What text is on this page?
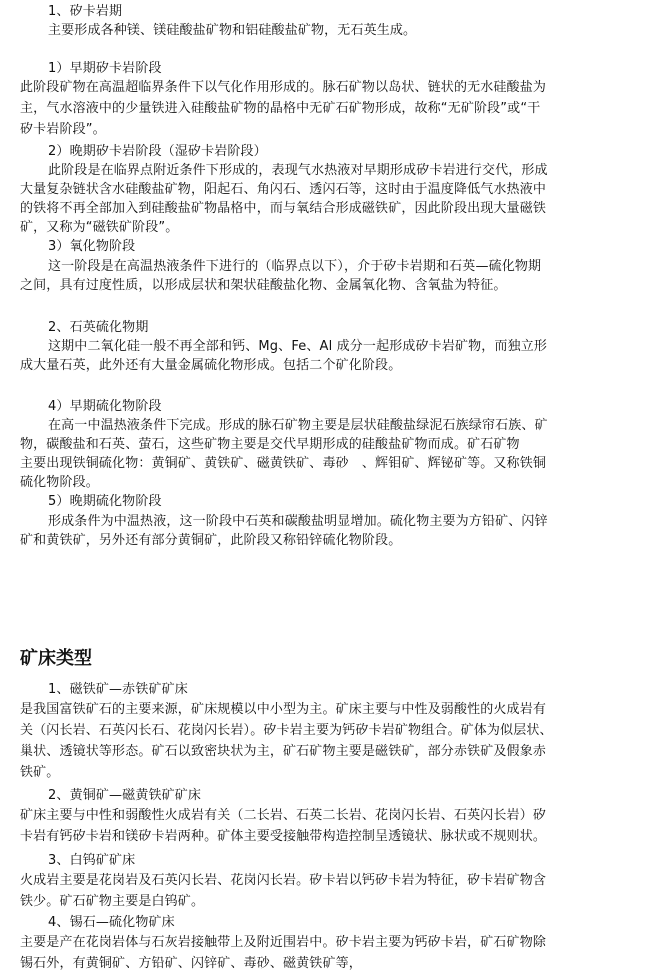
1、矽卡岩期
主要形成各种镁、镁硅酸盐矿物和铝硅酸盐矿物，无石英生成。
1）早期矽卡岩阶段
此阶段矿物在高温超临界条件下以气化作用形成的。脉石矿物以岛状、链状的无水硅酸盐为
主，气水溶液中的少量铁进入硅酸盐矿物的晶格中无矿石矿物形成，故称“无矿阶段”或“干
矽卡岩阶段”。
2）晚期矽卡岩阶段（湿矽卡岩阶段）
此阶段是在临界点附近条件下形成的，表现气水热液对早期形成矽卡岩进行交代，形成
大量复杂链状含水硅酸盐矿物，阳起石、角闪石、透闪石等，这时由于温度降低气水热液中
的铁将不再全部加入到硅酸盐矿物晶格中，而与氧结合形成磁铁矿，因此阶段出现大量磁铁
矿，又称为“磁铁矿阶段”。
3）氧化物阶段
这一阶段是在高温热液条件下进行的（临界点以下），介于矽卡岩期和石英—硫化物期
之间，具有过度性质，以形成层状和架状硅酸盐化物、金属氧化物、含氧盐为特征。
2、石英硫化物期
这期中二氧化硅一般不再全部和钙、Mg、Fe、Al 成分一起形成矽卡岩矿物，而独立形
成大量石英，此外还有大量金属硫化物形成。包括二个矿化阶段。
4）早期硫化物阶段
在高一中温热液条件下完成。形成的脉石矿物主要是层状硅酸盐绿泥石族绿帘石族、矿
物，碳酸盐和石英、萤石，这些矿物主要是交代早期形成的硅酸盐矿物而成。矿石矿物
主要出现铁铜硫化物：黄铜矿、黄铁矿、磁黄铁矿、毒砂　、辉钼矿、辉铋矿等。又称铁铜
硫化物阶段。
5）晚期硫化物阶段
形成条件为中温热液，这一阶段中石英和碳酸盐明显增加。硫化物主要为方铅矿、闪锌
矿和黄铁矿，另外还有部分黄铜矿，此阶段又称铅锌硫化物阶段。
矿床类型
1、磁铁矿—赤铁矿矿床
是我国富铁矿石的主要来源，矿床规模以中小型为主。矿床主要与中性及弱酸性的火成岩有
关（闪长岩、石英闪长石、花岗闪长岩）。矽卡岩主要为钙矽卡岩矿物组合。矿体为似层状、
巢状、透镜状等形态。矿石以致密块状为主，矿石矿物主要是磁铁矿，部分赤铁矿及假象赤
铁矿。
2、黄铜矿—磁黄铁矿矿床
矿床主要与中性和弱酸性火成岩有关（二长岩、石英二长岩、花岗闪长岩、石英闪长岩）矽
卡岩有钙矽卡岩和镁矽卡岩两种。矿体主要受接触带构造控制呈透镜状、脉状或不规则状。
3、白钨矿矿床
火成岩主要是花岗岩及石英闪长岩、花岗闪长岩。矽卡岩以钙矽卡岩为特征，矽卡岩矿物含
铁少。矿石矿物主要是白钨矿。
4、锡石—硫化物矿床
主要是产在花岗岩体与石灰岩接触带上及附近围岩中。矽卡岩主要为钙矽卡岩，矿石矿物除
锡石外，有黄铜矿、方铅矿、闪锌矿、毒砂、磁黄铁矿等，
